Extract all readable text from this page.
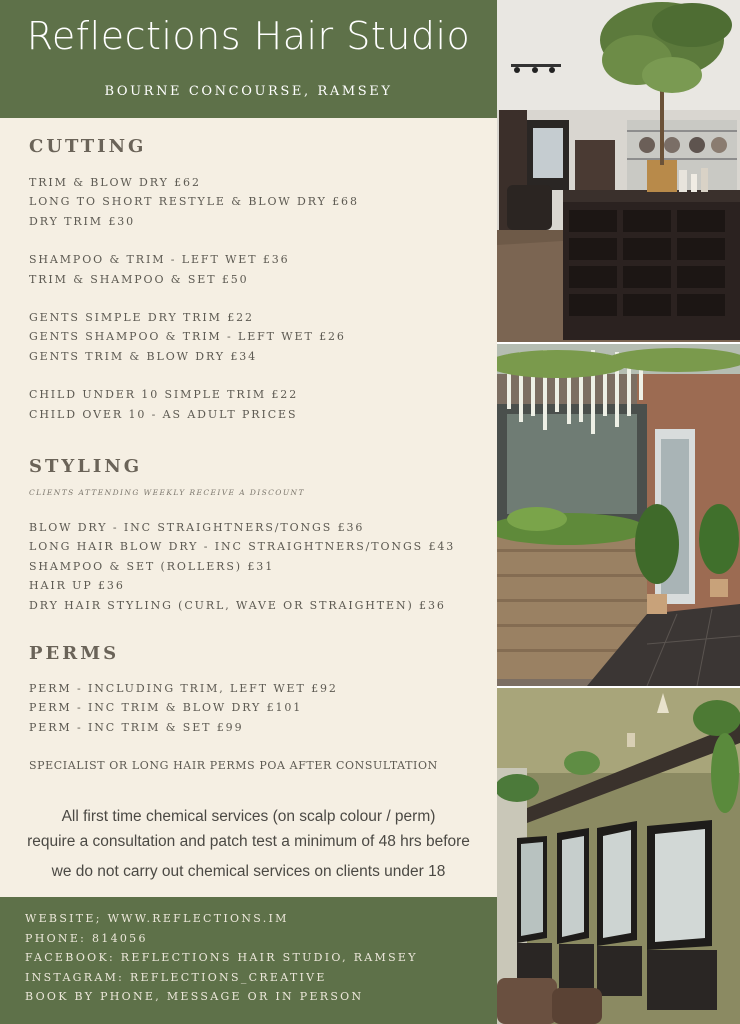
Reflections Hair Studio
BOURNE CONCOURSE, RAMSEY
CUTTING
TRIM & BLOW DRY £62
LONG TO SHORT RESTYLE & BLOW DRY £68
DRY TRIM £30
SHAMPOO & TRIM - LEFT WET £36
TRIM & SHAMPOO & SET £50
GENTS SIMPLE DRY TRIM £22
GENTS SHAMPOO & TRIM - LEFT WET £26
GENTS TRIM & BLOW DRY £34
CHILD UNDER 10 SIMPLE TRIM £22
CHILD OVER 10 - AS ADULT PRICES
STYLING
CLIENTS ATTENDING WEEKLY RECEIVE A DISCOUNT
BLOW DRY - INC STRAIGHTNERS/TONGS £36
LONG HAIR BLOW DRY - INC STRAIGHTNERS/TONGS £43
SHAMPOO & SET (ROLLERS) £31
HAIR UP £36
DRY HAIR STYLING (CURL, WAVE OR STRAIGHTEN) £36
PERMS
PERM - INCLUDING TRIM, LEFT WET £92
PERM - INC TRIM & BLOW DRY £101
PERM - INC TRIM & SET £99
SPECIALIST OR LONG HAIR PERMS POA AFTER CONSULTATION
All first time chemical services (on scalp colour / perm)
require a consultation and patch test a minimum of 48 hrs before
we do not carry out chemical services on clients under 18
WEBSITE; WWW.REFLECTIONS.IM
PHONE: 814056
FACEBOOK: REFLECTIONS HAIR STUDIO, RAMSEY
INSTAGRAM: REFLECTIONS_CREATIVE
BOOK BY PHONE, MESSAGE OR IN PERSON
